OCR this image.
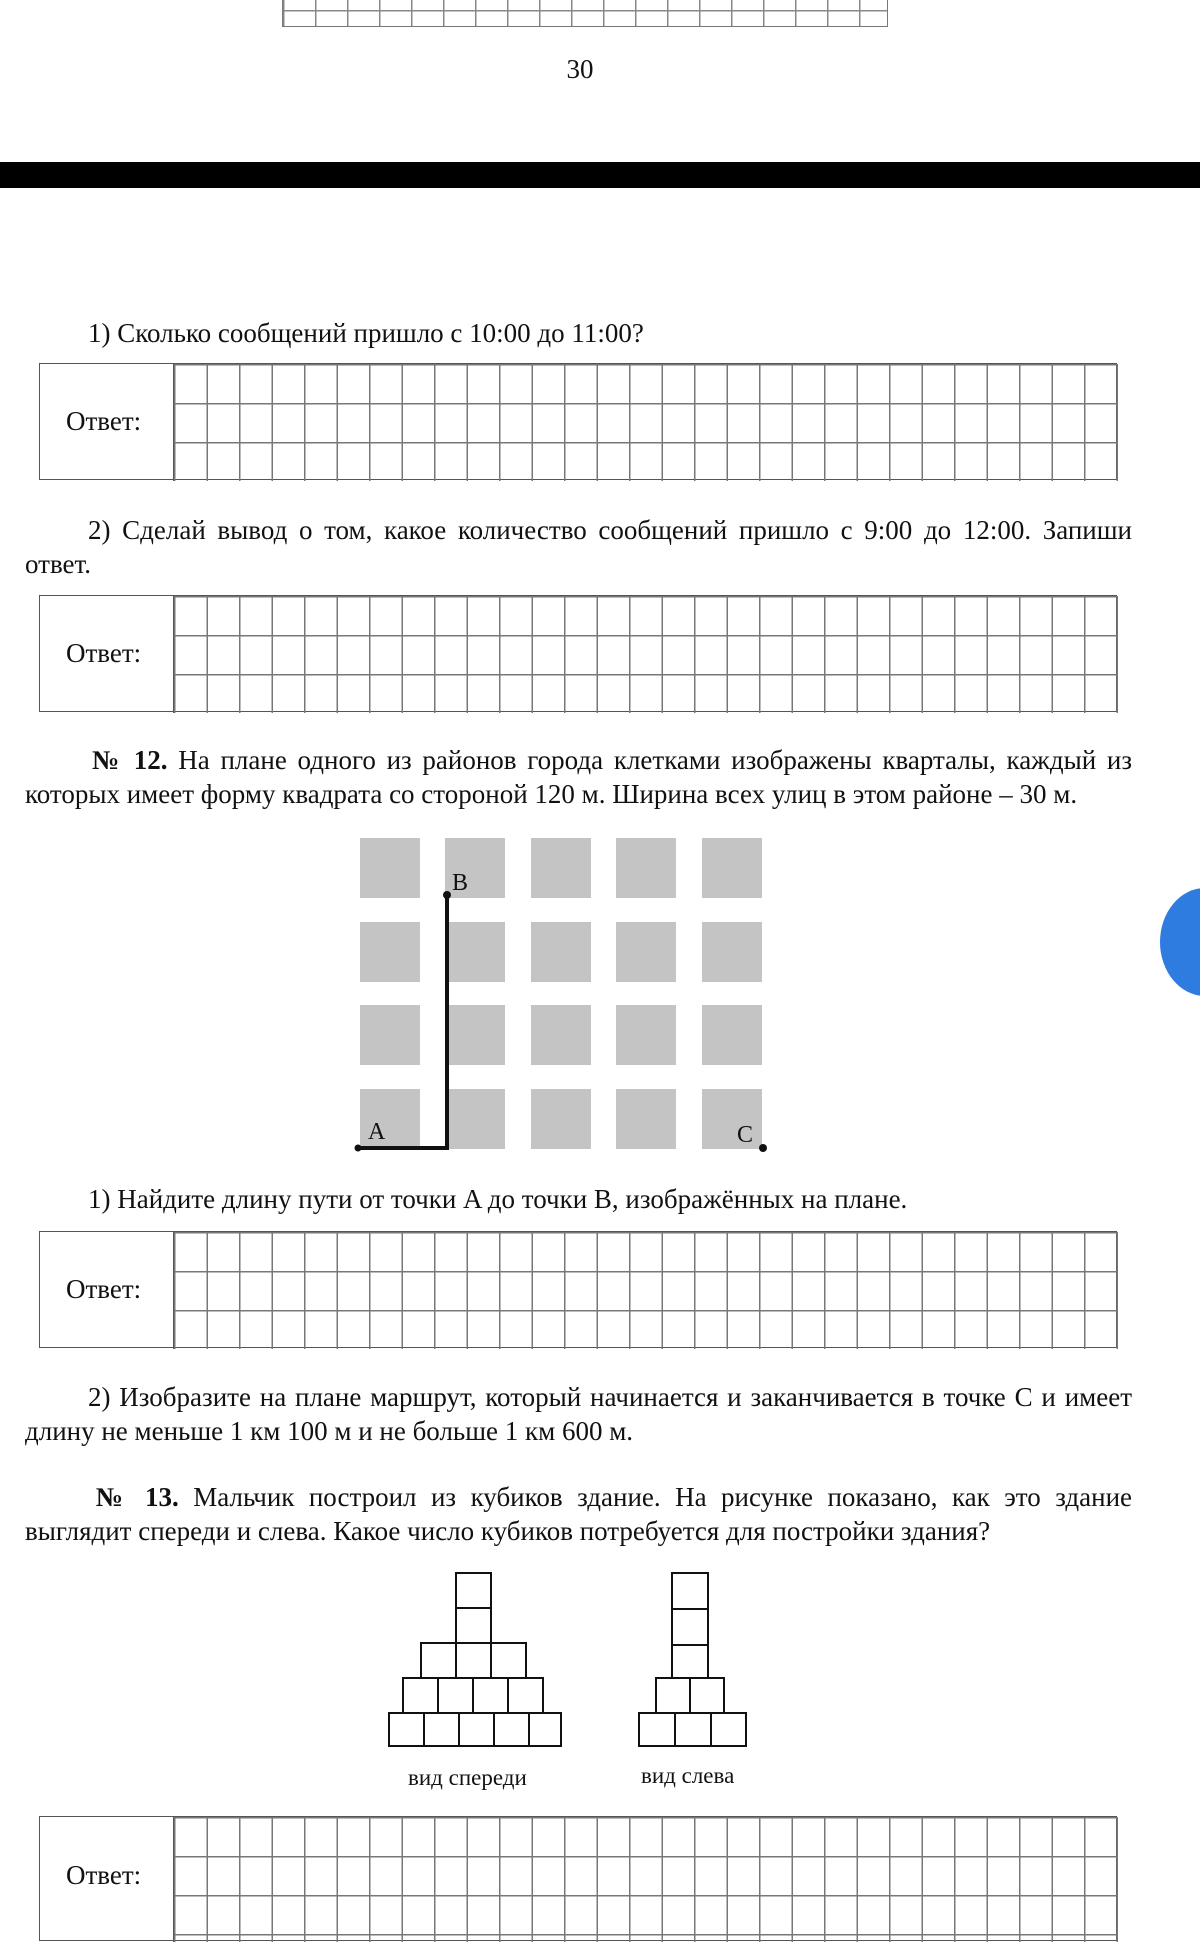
30
1) Сколько сообщений пришло с 10:00 до 11:00?
Ответ:
2) Сделай вывод о том, какое количество сообщений пришло с 9:00 до 12:00. Запиши ответ.
Ответ:
№ 12. На плане одного из районов города клетками изображены кварталы, каждый из которых имеет форму квадрата со стороной 120 м. Ширина всех улиц в этом районе – 30 м.
B
A	C
1) Найдите длину пути от точки A до точки B, изображённых на плане.
Ответ:
2) Изобразите на плане маршрут, который начинается и заканчивается в точке C и имеет длину не меньше 1 км 100 м и не больше 1 км 600 м.
№ 13. Мальчик построил из кубиков здание. На рисунке показано, как это здание выглядит спереди и слева. Какое число кубиков потребуется для постройки здания?
вид спереди	вид слева
Ответ:
